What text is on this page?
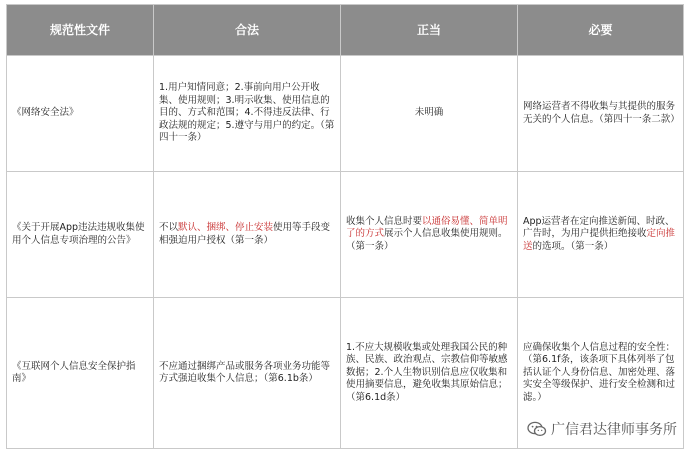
规范性文件	合法	正当	必要
《网络安全法》	1.用户知情同意；2.事前向用户公开收集、使用规则；3.明示收集、使用信息的目的、方式和范围；4.不得违反法律、行政法规的规定；5.遵守与用户的约定。（第四十一条）	未明确	网络运营者不得收集与其提供的服务无关的个人信息。（第四十一条二款）
《关于开展App违法违规收集使用个人信息专项治理的公告》	不以默认、捆绑、停止安装使用等手段变相强迫用户授权（第一条）	收集个人信息时要以通俗易懂、简单明了的方式展示个人信息收集使用规则。（第一条）	App运营者在定向推送新闻、时政、广告时，为用户提供拒绝接收定向推送的选项。（第一条）
《互联网个人信息安全保护指南》	不应通过捆绑产品或服务各项业务功能等方式强迫收集个人信息；（第6.1b条）	1.不应大规模收集或处理我国公民的种族、民族、政治观点、宗教信仰等敏感数据；2.个人生物识别信息应仅收集和使用摘要信息，避免收集其原始信息；（第6.1d条）	应确保收集个人信息过程的安全性：（第6.1f条，该条项下具体列举了包括认证个人身份信息、加密处理、落实安全等级保护、进行安全检测和过滤。）
广信君达律师事务所
